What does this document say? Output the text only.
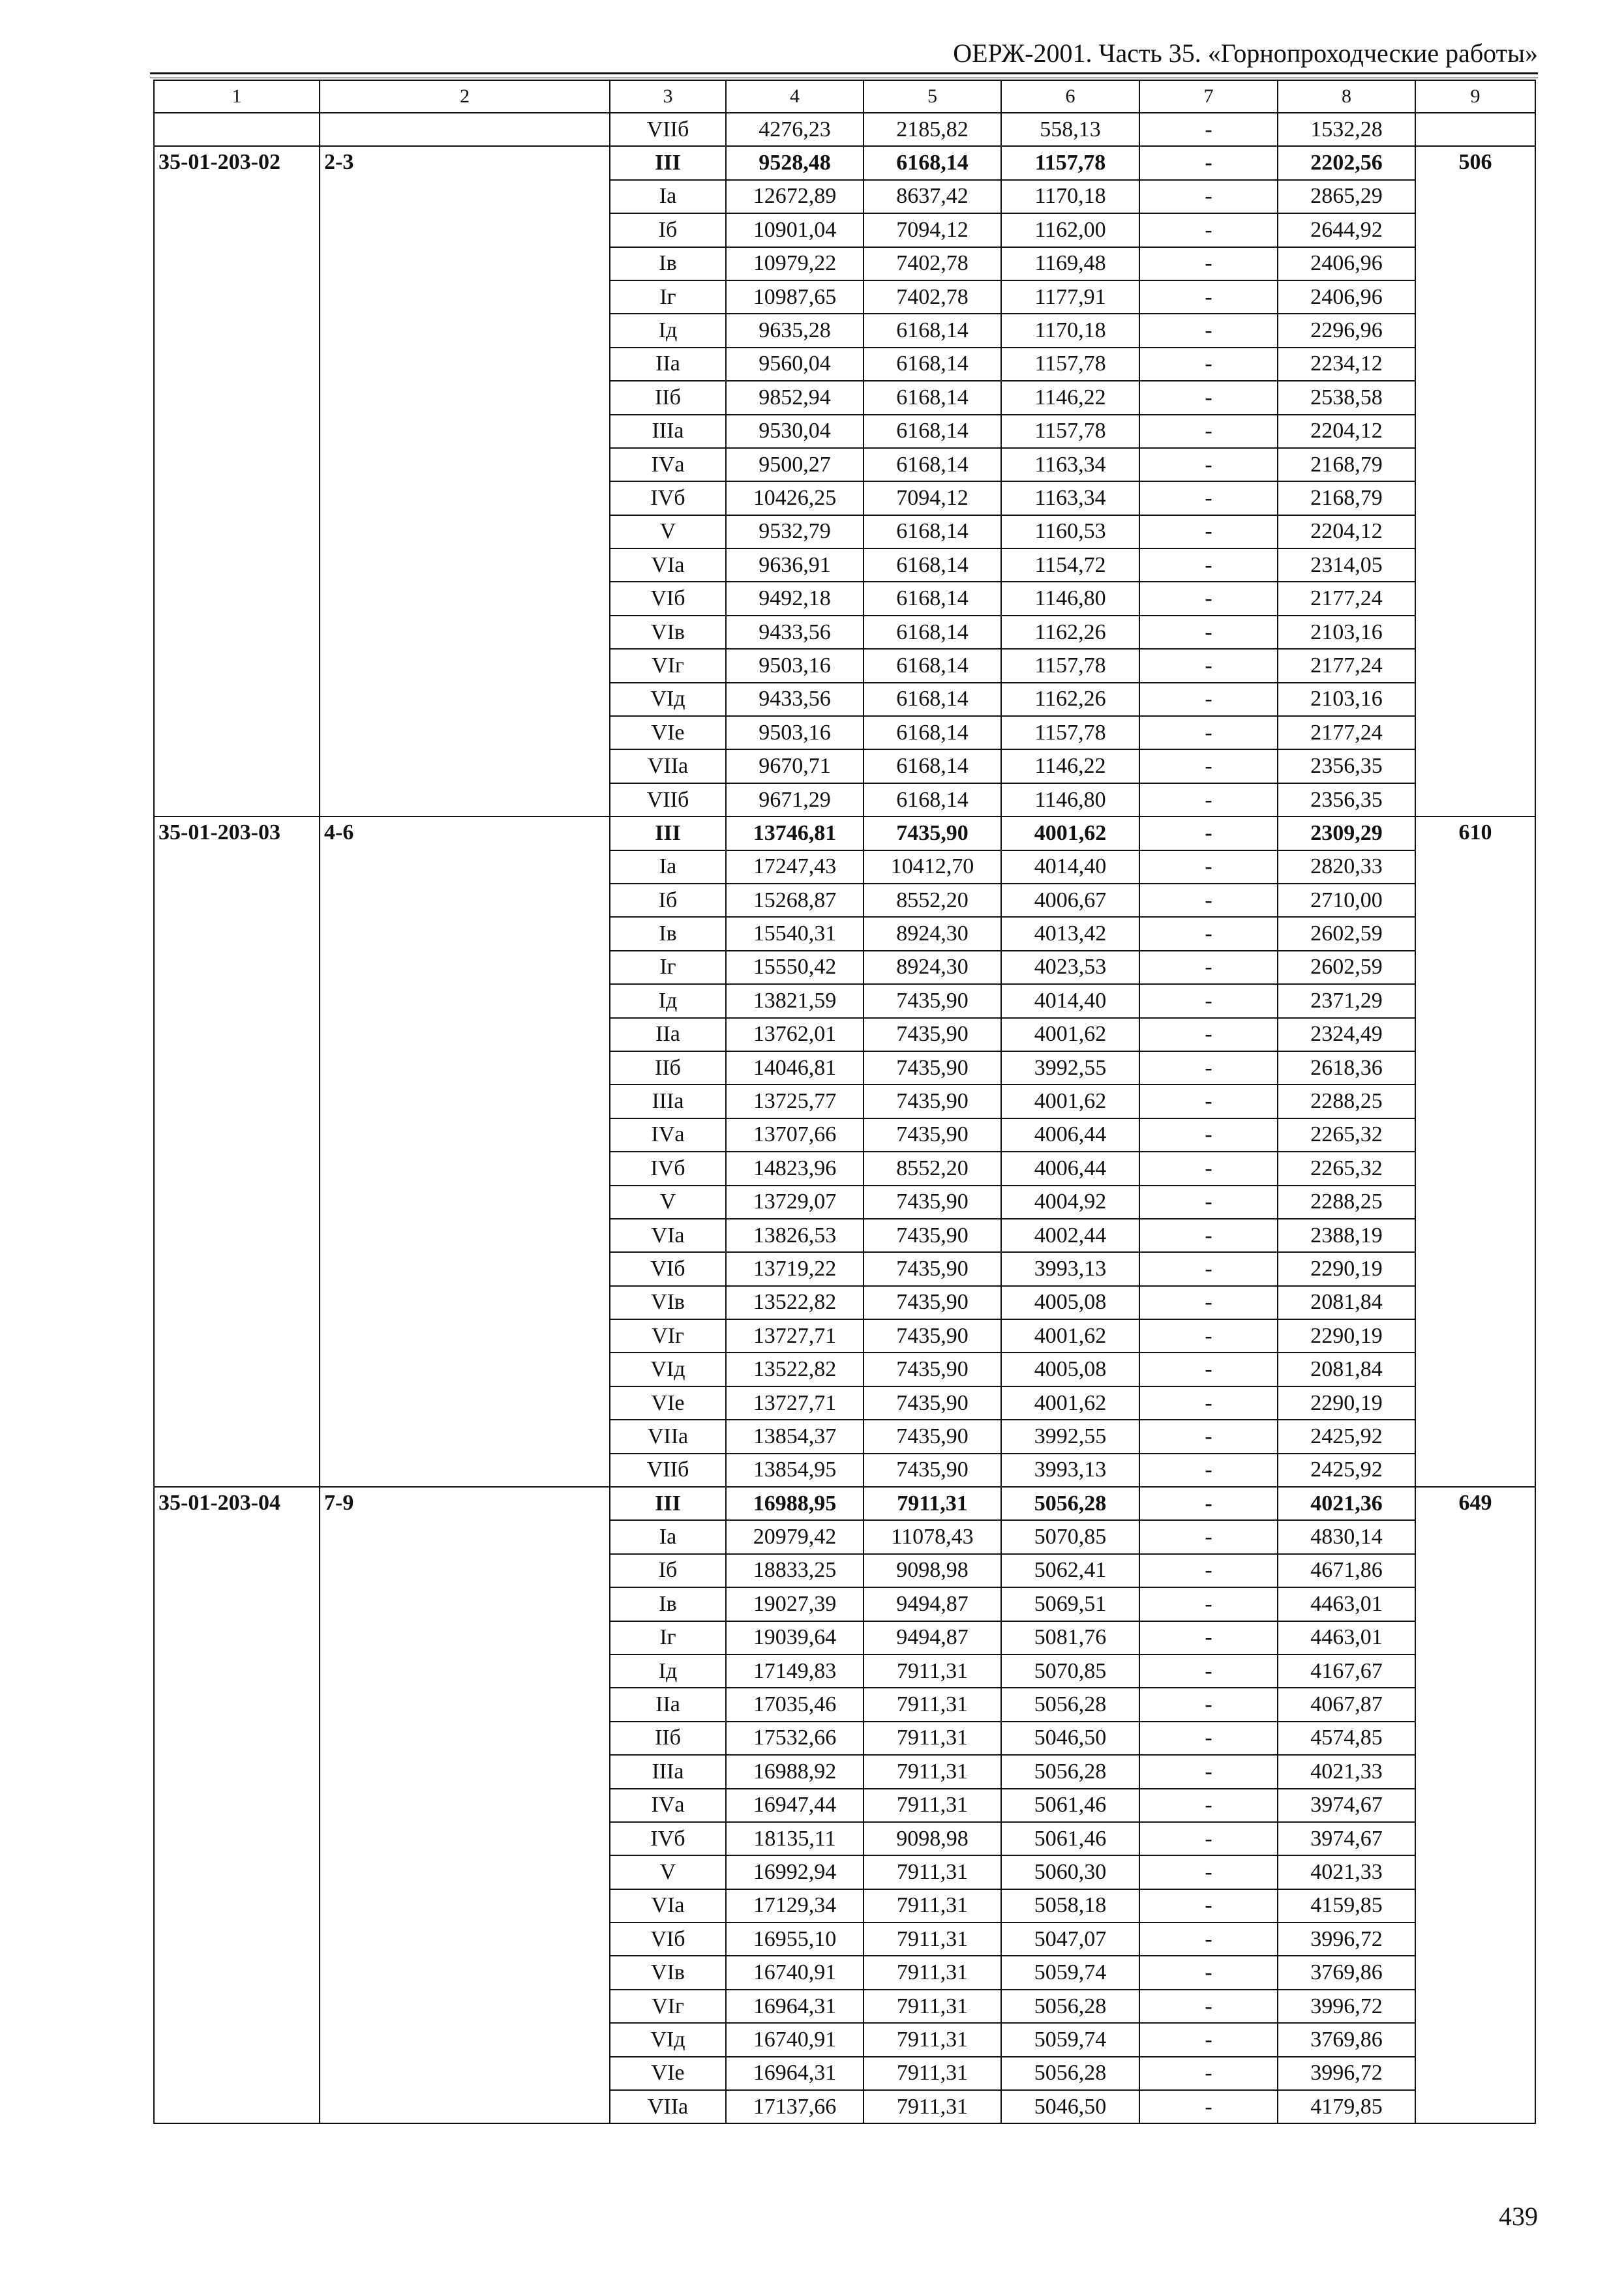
ОЕРЖ-2001. Часть 35. «Горнопроходческие работы»
1	2	3	4	5	6	7	8	9
		VIIб	4276,23	2185,82	558,13	-	1532,28	
35-01-203-02	2-3	III	9528,48	6168,14	1157,78	-	2202,56	506
		Iа	12672,89	8637,42	1170,18	-	2865,29	
		Iб	10901,04	7094,12	1162,00	-	2644,92	
		Iв	10979,22	7402,78	1169,48	-	2406,96	
		Iг	10987,65	7402,78	1177,91	-	2406,96	
		Iд	9635,28	6168,14	1170,18	-	2296,96	
		IIа	9560,04	6168,14	1157,78	-	2234,12	
		IIб	9852,94	6168,14	1146,22	-	2538,58	
		IIIа	9530,04	6168,14	1157,78	-	2204,12	
		IVа	9500,27	6168,14	1163,34	-	2168,79	
		IVб	10426,25	7094,12	1163,34	-	2168,79	
		V	9532,79	6168,14	1160,53	-	2204,12	
		VIа	9636,91	6168,14	1154,72	-	2314,05	
		VIб	9492,18	6168,14	1146,80	-	2177,24	
		VIв	9433,56	6168,14	1162,26	-	2103,16	
		VIг	9503,16	6168,14	1157,78	-	2177,24	
		VIд	9433,56	6168,14	1162,26	-	2103,16	
		VIе	9503,16	6168,14	1157,78	-	2177,24	
		VIIа	9670,71	6168,14	1146,22	-	2356,35	
		VIIб	9671,29	6168,14	1146,80	-	2356,35	
35-01-203-03	4-6	III	13746,81	7435,90	4001,62	-	2309,29	610
		Iа	17247,43	10412,70	4014,40	-	2820,33	
		Iб	15268,87	8552,20	4006,67	-	2710,00	
		Iв	15540,31	8924,30	4013,42	-	2602,59	
		Iг	15550,42	8924,30	4023,53	-	2602,59	
		Iд	13821,59	7435,90	4014,40	-	2371,29	
		IIа	13762,01	7435,90	4001,62	-	2324,49	
		IIб	14046,81	7435,90	3992,55	-	2618,36	
		IIIа	13725,77	7435,90	4001,62	-	2288,25	
		IVа	13707,66	7435,90	4006,44	-	2265,32	
		IVб	14823,96	8552,20	4006,44	-	2265,32	
		V	13729,07	7435,90	4004,92	-	2288,25	
		VIа	13826,53	7435,90	4002,44	-	2388,19	
		VIб	13719,22	7435,90	3993,13	-	2290,19	
		VIв	13522,82	7435,90	4005,08	-	2081,84	
		VIг	13727,71	7435,90	4001,62	-	2290,19	
		VIд	13522,82	7435,90	4005,08	-	2081,84	
		VIе	13727,71	7435,90	4001,62	-	2290,19	
		VIIа	13854,37	7435,90	3992,55	-	2425,92	
		VIIб	13854,95	7435,90	3993,13	-	2425,92	
35-01-203-04	7-9	III	16988,95	7911,31	5056,28	-	4021,36	649
		Iа	20979,42	11078,43	5070,85	-	4830,14	
		Iб	18833,25	9098,98	5062,41	-	4671,86	
		Iв	19027,39	9494,87	5069,51	-	4463,01	
		Iг	19039,64	9494,87	5081,76	-	4463,01	
		Iд	17149,83	7911,31	5070,85	-	4167,67	
		IIа	17035,46	7911,31	5056,28	-	4067,87	
		IIб	17532,66	7911,31	5046,50	-	4574,85	
		IIIа	16988,92	7911,31	5056,28	-	4021,33	
		IVа	16947,44	7911,31	5061,46	-	3974,67	
		IVб	18135,11	9098,98	5061,46	-	3974,67	
		V	16992,94	7911,31	5060,30	-	4021,33	
		VIа	17129,34	7911,31	5058,18	-	4159,85	
		VIб	16955,10	7911,31	5047,07	-	3996,72	
		VIв	16740,91	7911,31	5059,74	-	3769,86	
		VIг	16964,31	7911,31	5056,28	-	3996,72	
		VIд	16740,91	7911,31	5059,74	-	3769,86	
		VIе	16964,31	7911,31	5056,28	-	3996,72	
		VIIа	17137,66	7911,31	5046,50	-	4179,85	
439
